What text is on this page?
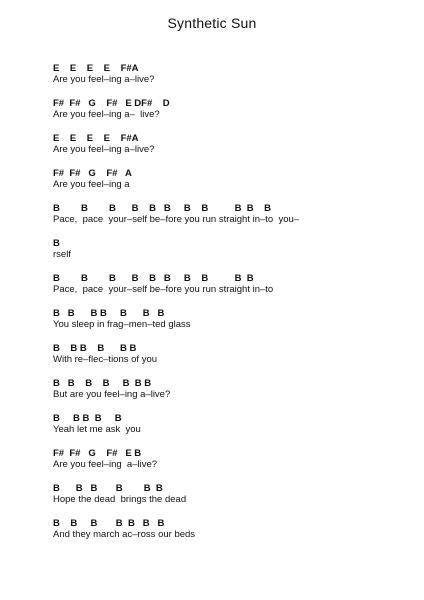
Synthetic Sun
E    E    E    E    F#A
Are you feel–ing a–live?
F#  F#   G    F#   E DF#    D
Are you feel–ing a–  live?
E    E    E    E    F#A
Are you feel–ing a–live?
F#  F#   G    F#   A
Are you feel–ing a
B        B        B      B    B   B     B    B          B  B    B
Pace,  pace  your–self be–fore you run straight in–to  you–
B
rself
B        B        B      B    B   B     B    B          B  B
Pace,  pace  your–self be–fore you run straight in–to
B   B      B B     B      B   B
You sleep in frag–men–ted glass
B    B B    B      B B
With re–flec–tions of you
B   B    B    B     B  B B
But are you feel–ing a–live?
B     B B  B     B
Yeah let me ask  you
F#  F#   G    F#   E B
Are you feel–ing  a–live?
B      B   B       B        B  B
Hope the dead  brings the dead
B    B     B       B  B   B   B
And they march ac–ross our beds
